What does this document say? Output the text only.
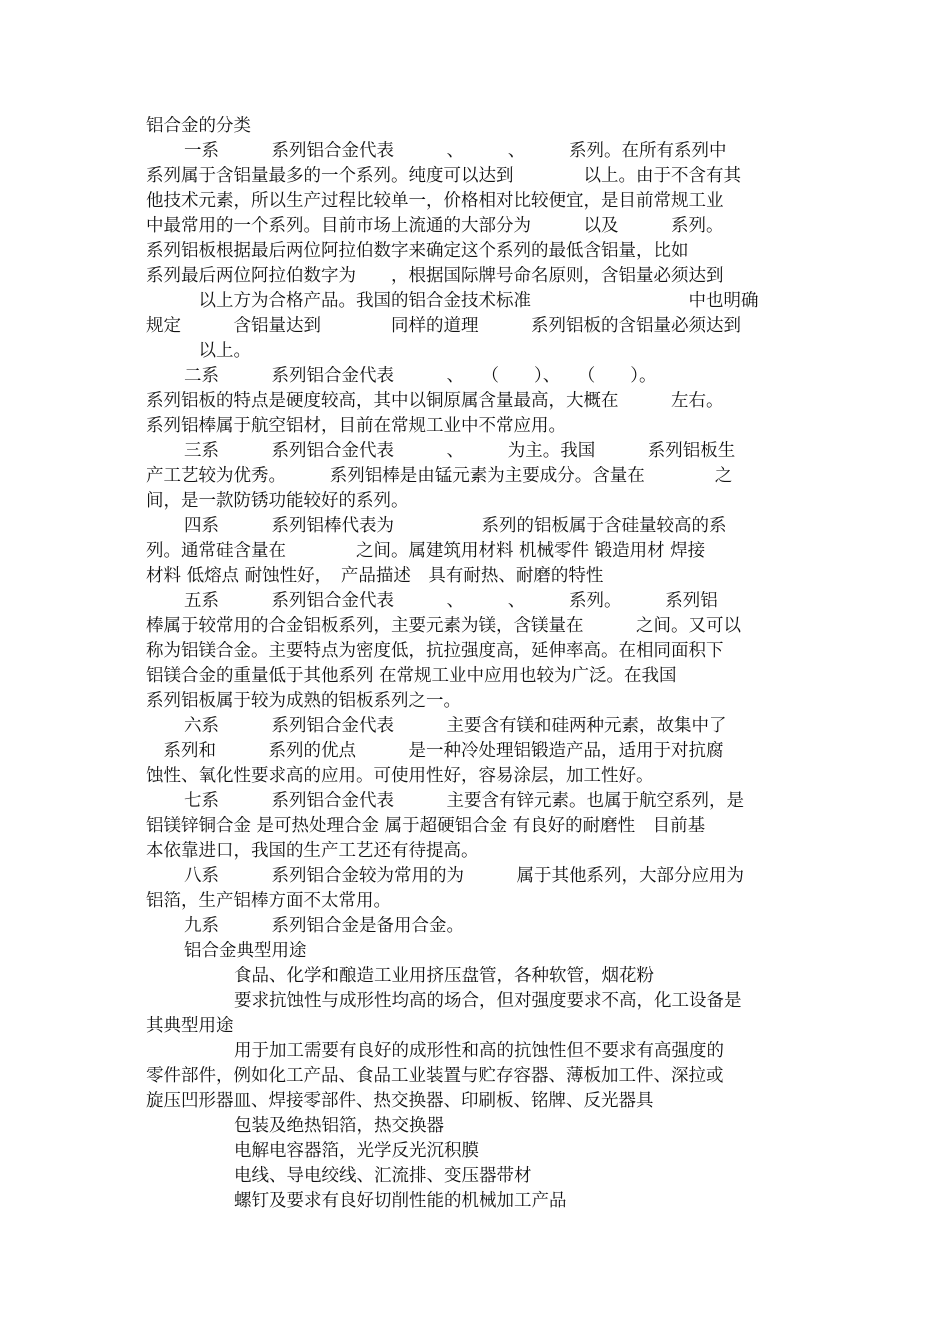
铝合金的分类
一系　　　系列铝合金代表　　　、　　　、　　　系列。在所有系列中
系列属于含铝量最多的一个系列。纯度可以达到　　　　以上。由于不含有其
他技术元素，所以生产过程比较单一，价格相对比较便宜，是目前常规工业
中最常用的一个系列。目前市场上流通的大部分为　　　以及　　　系列。
系列铝板根据最后两位阿拉伯数字来确定这个系列的最低含铝量，比如
系列最后两位阿拉伯数字为　　，根据国际牌号命名原则，含铝量必须达到
　　　以上方为合格产品。我国的铝合金技术标准　　　　　　　　　中也明确
规定　　　含铝量达到　　　　同样的道理　　　系列铝板的含铝量必须达到
　　　以上。
二系　　　系列铝合金代表　　　、　　（　　）、　　（　　）。
系列铝板的特点是硬度较高，其中以铜原属含量最高，大概在　　　左右。
系列铝棒属于航空铝材，目前在常规工业中不常应用。
三系　　　系列铝合金代表　　　、　　　为主。我国　　　系列铝板生
产工艺较为优秀。　　　系列铝棒是由锰元素为主要成分。含量在　　　　之
间，是一款防锈功能较好的系列。
四系　　　系列铝棒代表为　　　　　系列的铝板属于含硅量较高的系
列。通常硅含量在　　　　之间。属建筑用材料 机械零件 锻造用材 焊接
材料 低熔点 耐蚀性好，　产品描述　具有耐热、耐磨的特性
五系　　　系列铝合金代表　　　、　　　、　　　系列。　　　系列铝
棒属于较常用的合金铝板系列，主要元素为镁，含镁量在　　　之间。又可以
称为铝镁合金。主要特点为密度低，抗拉强度高，延伸率高。在相同面积下
铝镁合金的重量低于其他系列 在常规工业中应用也较为广泛。在我国
系列铝板属于较为成熟的铝板系列之一。
六系　　　系列铝合金代表　　　主要含有镁和硅两种元素，故集中了
　系列和　　　系列的优点　　　是一种冷处理铝锻造产品，适用于对抗腐
蚀性、氧化性要求高的应用。可使用性好，容易涂层，加工性好。
七系　　　系列铝合金代表　　　主要含有锌元素。也属于航空系列，是
铝镁锌铜合金 是可热处理合金 属于超硬铝合金 有良好的耐磨性　目前基
本依靠进口，我国的生产工艺还有待提高。
八系　　　系列铝合金较为常用的为　　　属于其他系列，大部分应用为
铝箔，生产铝棒方面不太常用。
九系　　　系列铝合金是备用合金。
铝合金典型用途
食品、化学和酿造工业用挤压盘管，各种软管，烟花粉
要求抗蚀性与成形性均高的场合，但对强度要求不高，化工设备是
其典型用途
用于加工需要有良好的成形性和高的抗蚀性但不要求有高强度的
零件部件，例如化工产品、食品工业装置与贮存容器、薄板加工件、深拉或
旋压凹形器皿、焊接零部件、热交换器、印刷板、铭牌、反光器具
包装及绝热铝箔，热交换器
电解电容器箔，光学反光沉积膜
电线、导电绞线、汇流排、变压器带材
螺钉及要求有良好切削性能的机械加工产品
